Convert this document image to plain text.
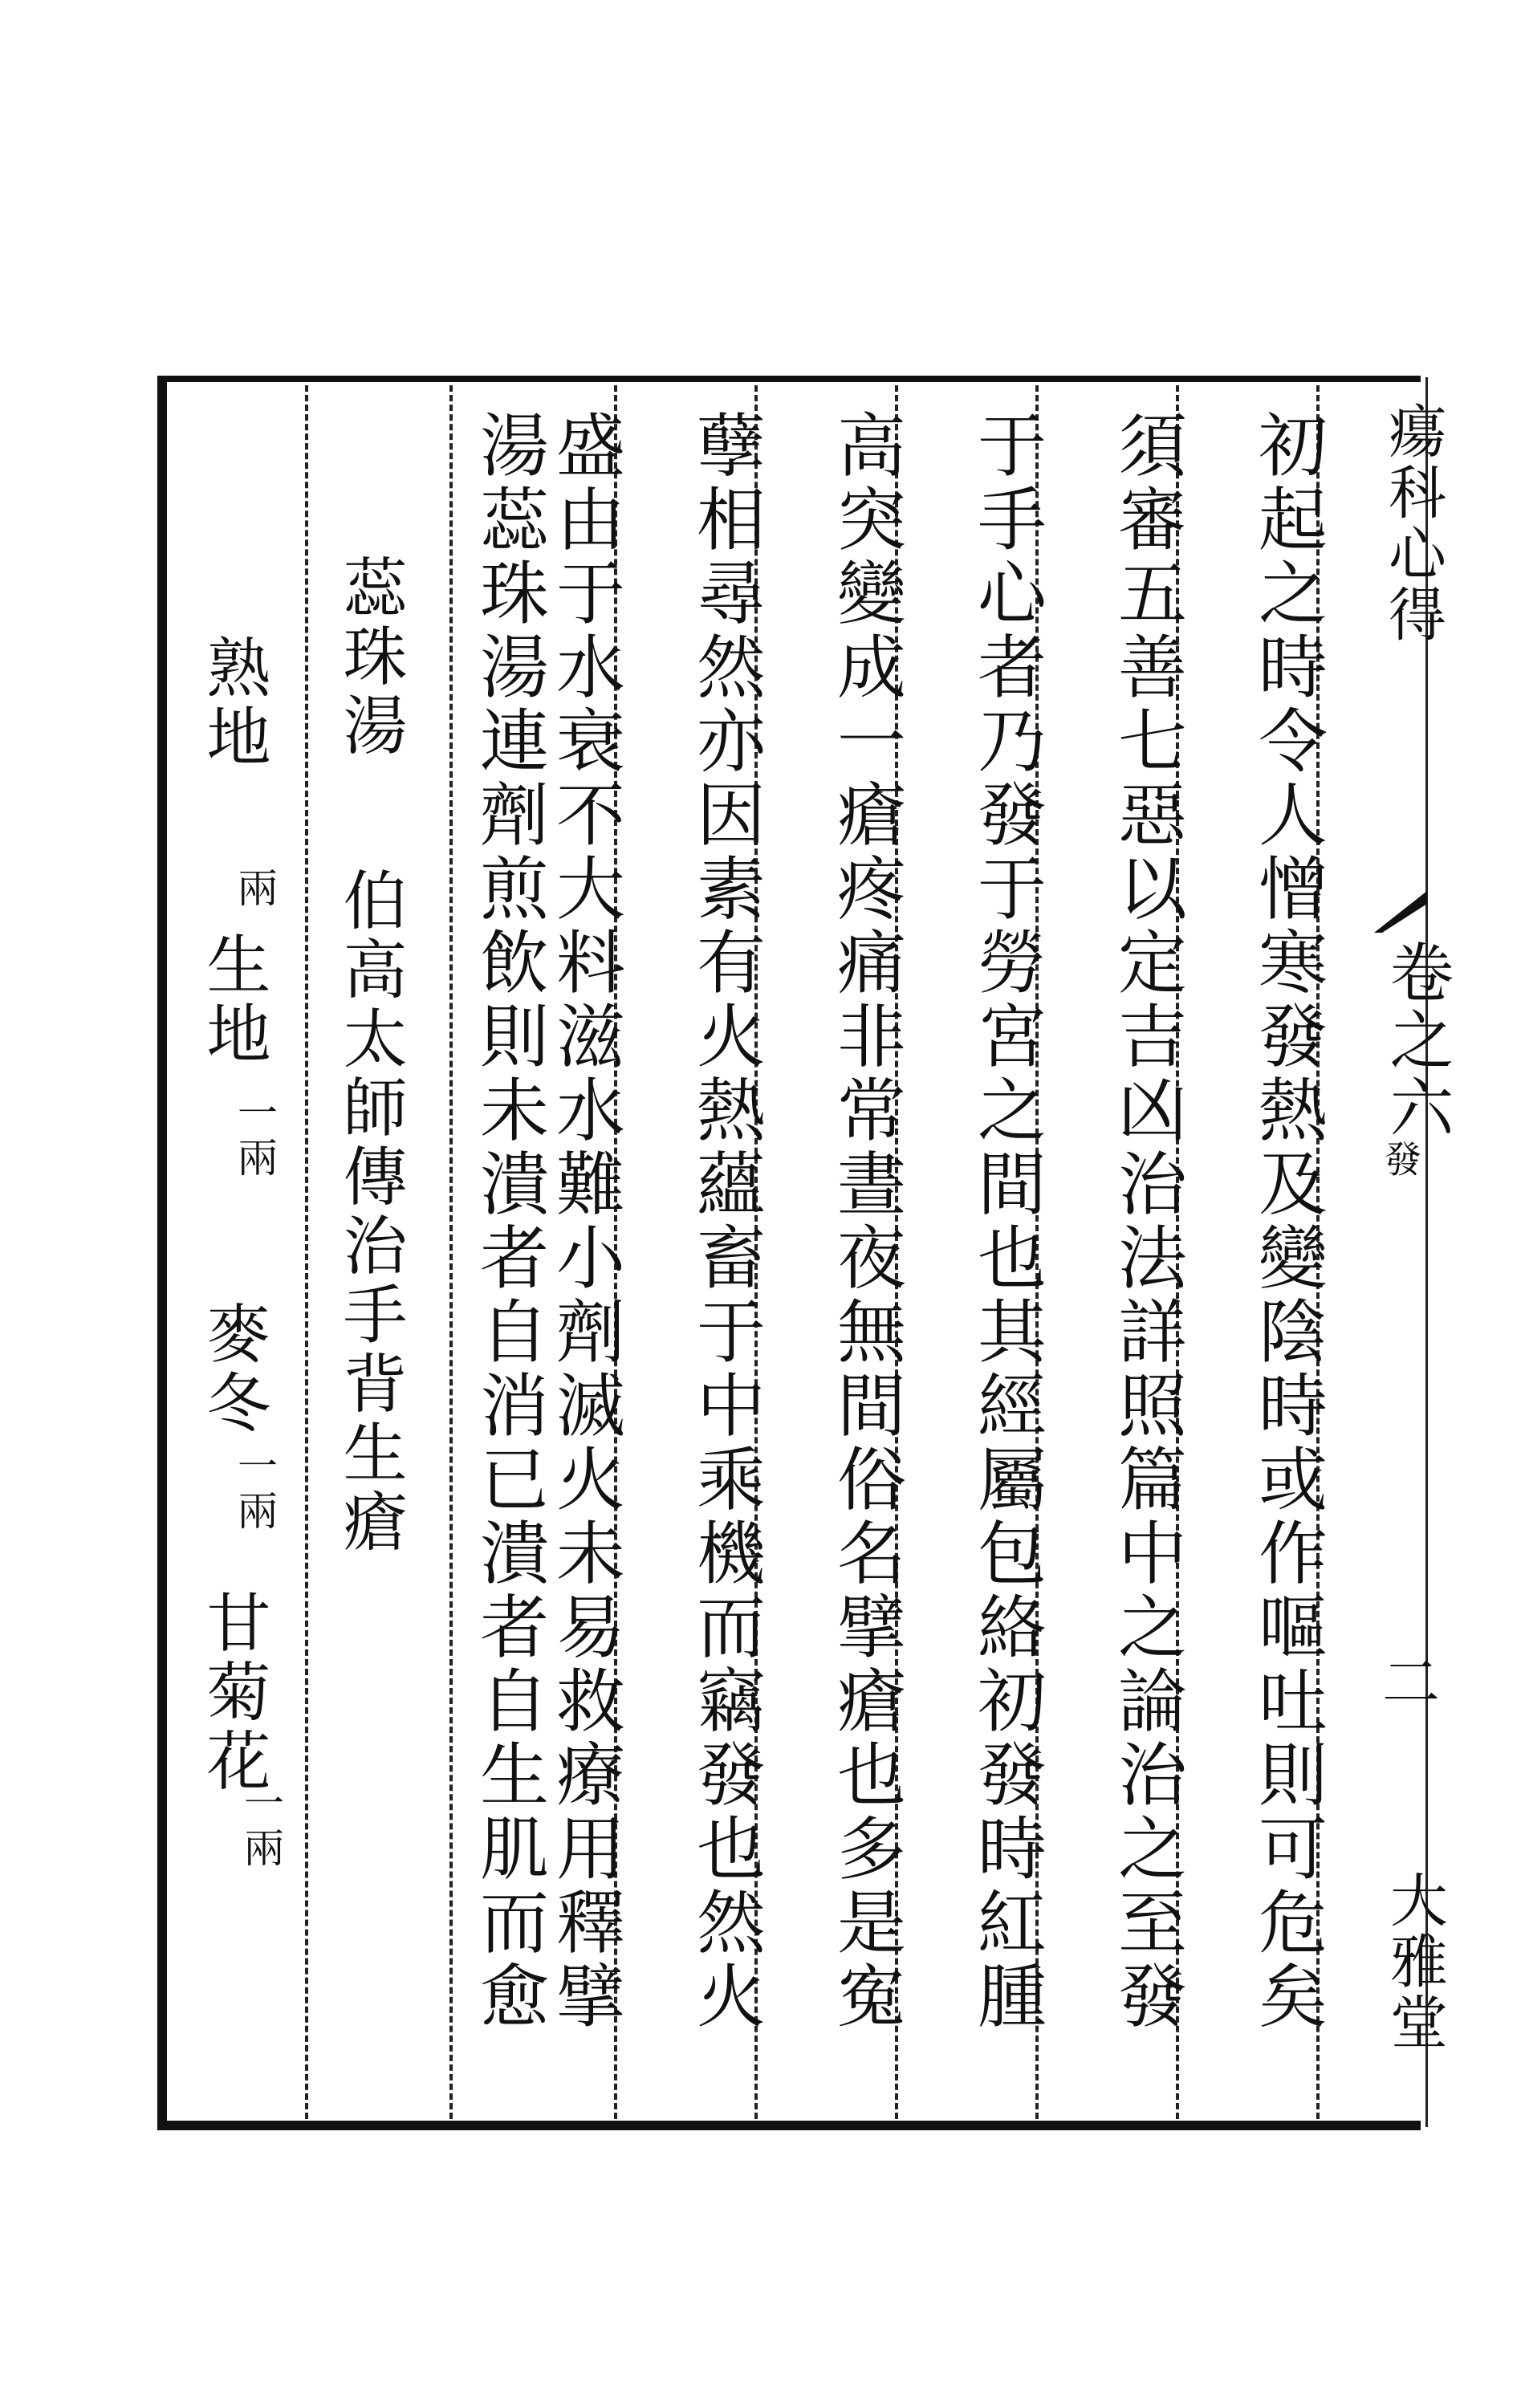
瘍科心得
卷之六
發
二
大雅堂
初起之時令人憎寒發熱及變陰時或作嘔吐則可危矣
須審五善七惡以定吉凶治法詳照篇中之論治之至發
于手心者乃發于勞宮之間也其經屬包絡初發時紅腫
高突變成一瘡疼痛非常晝夜無間俗名擘瘡也多是寃
孽相尋然亦因素有火熱蘊畜于中乘機而竊發也然火
盛由于水衰不大料滋水難小劑滅火未易救療用釋擘
湯蕊珠湯連劑煎飲則未潰者自消已潰者自生肌而愈
蕊珠湯
伯高太師傳治手背生瘡
熟地
兩
生地
一兩
麥冬
一兩
甘菊花
一兩
